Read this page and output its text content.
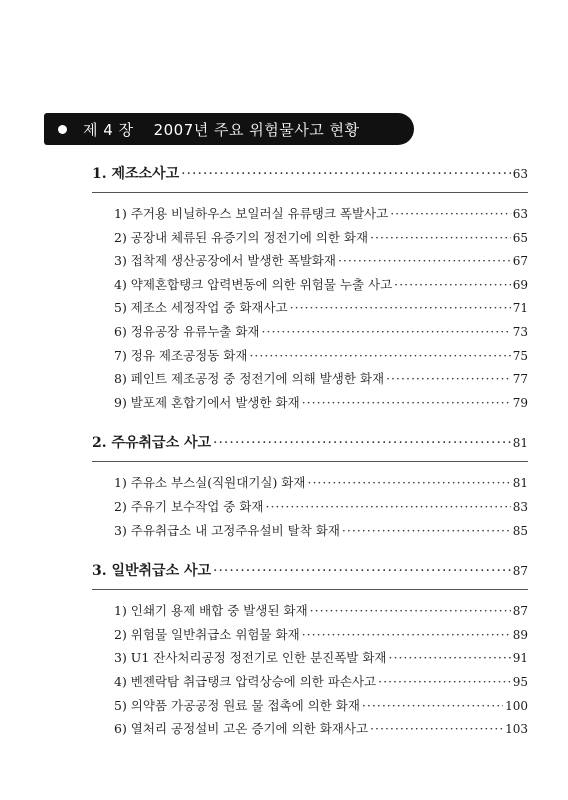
제 4 장 2007년 주요 위험물사고 현황
1. 제조소사고 ·····	63
1) 주거용 비닐하우스 보일러실 유류탱크 폭발사고 ·····	63
2) 공장내 체류된 유증기의 정전기에 의한 화재 ·····	65
3) 접착제 생산공장에서 발생한 폭발화재 ·····	67
4) 약제혼합탱크 압력변동에 의한 위험물 누출 사고 ·····	69
5) 제조소 세정작업 중 화재사고 ·····	71
6) 정유공장 유류누출 화재 ·····	73
7) 정유 제조공정동 화재 ·····	75
8) 페인트 제조공정 중 정전기에 의해 발생한 화재 ·····	77
9) 발포제 혼합기에서 발생한 화재 ·····	79
2. 주유취급소 사고 ·····	81
1) 주유소 부스실(직원대기실) 화재 ·····	81
2) 주유기 보수작업 중 화재 ·····	83
3) 주유취급소 내 고정주유설비 탈착 화재 ·····	85
3. 일반취급소 사고 ·····	87
1) 인쇄기 용제 배합 중 발생된 화재 ·····	87
2) 위험물 일반취급소 위험물 화재 ·····	89
3) U1 잔사처리공정 정전기로 인한 분진폭발 화재 ·····	91
4) 벤젠락탐 취급탱크 압력상승에 의한 파손사고 ·····	95
5) 의약품 가공공정 원료 물 접촉에 의한 화재 ·····	100
6) 열처리 공정설비 고온 증기에 의한 화재사고 ·····	103
